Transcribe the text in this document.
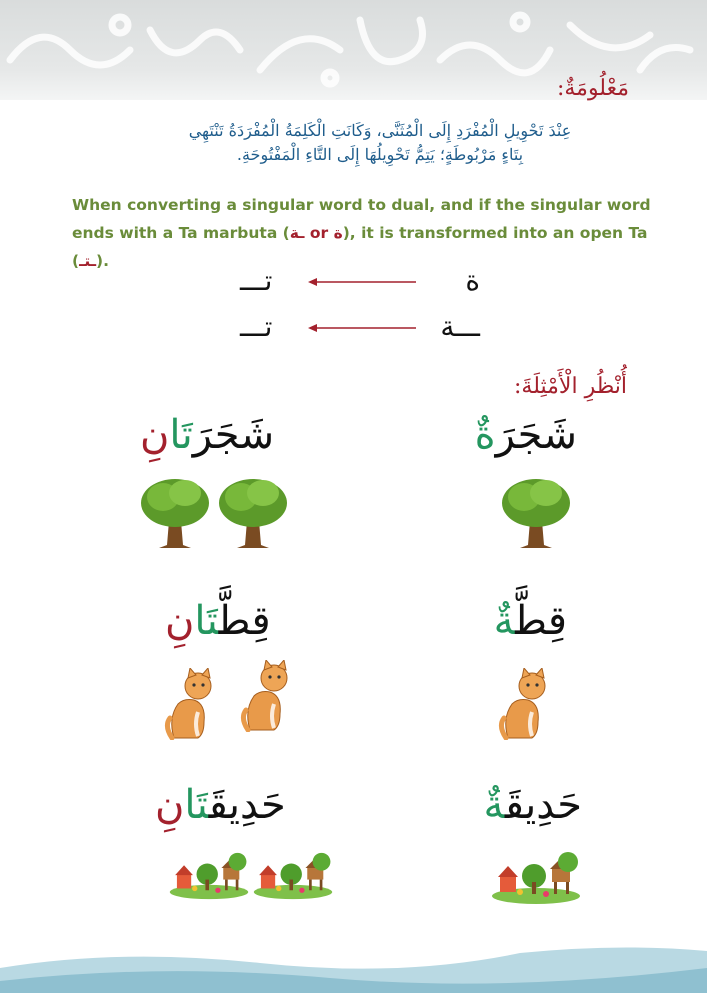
مَعْلُومَةٌ:
عِنْدَ تَحْوِيلِ الْمُفْرَدِ إِلَى الْمُثَنَّى، وَكَانَتِ الْكَلِمَةُ الْمُفْرَدَةُ تَنْتَهِي
بِتَاءٍ مَرْبُوطَةٍ؛ يَتِمُّ تَحْوِيلُهَا إِلَى التَّاءِ الْمَفْتُوحَةِ.
When converting a singular word to dual, and if the singular word ends with a Ta marbuta (ـة or ة), it is transformed into an open Ta (ـتـ).
تـــ	ة
تـــ	ـــة
أُنْظُرِ الْأَمْثِلَةَ:
شَجَرَةٌ
شَجَرَتَانِ
قِطَّةٌ
قِطَّتَانِ
حَدِيقَةٌ
حَدِيقَتَانِ
